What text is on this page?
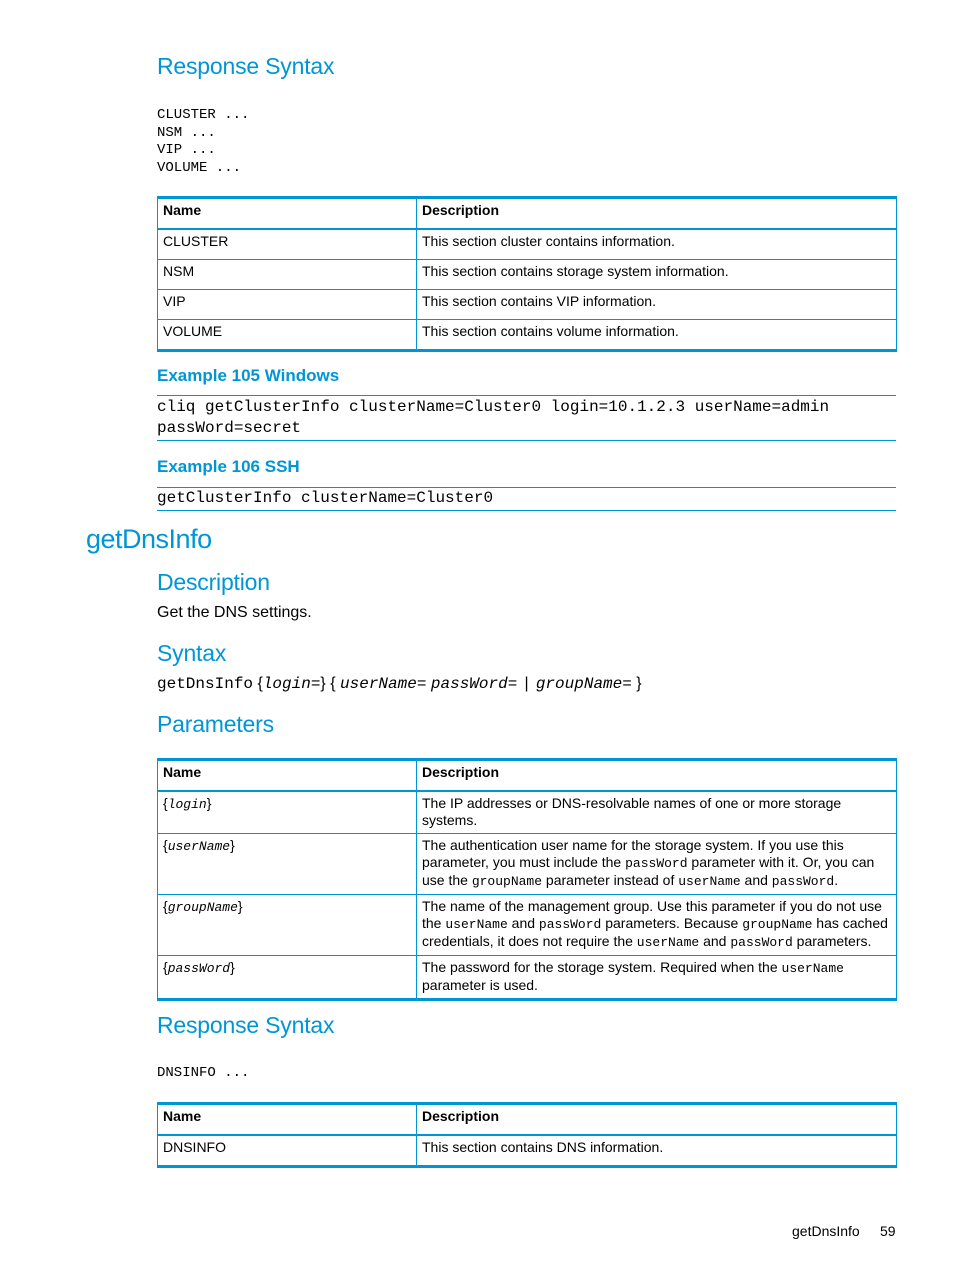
Response Syntax
CLUSTER ...
NSM ...
VIP ...
VOLUME ...
Name	Description
CLUSTER	This section cluster contains information.
NSM	This section contains storage system information.
VIP	This section contains VIP information.
VOLUME	This section contains volume information.
Example 105 Windows
cliq getClusterInfo clusterName=Cluster0 login=10.1.2.3 userName=admin
passWord=secret
Example 106 SSH
getClusterInfo clusterName=Cluster0
getDnsInfo
Description
Get the DNS settings.
Syntax
getDnsInfo {login=} { userName= passWord= | groupName= }
Parameters
Name	Description
{login}	The IP addresses or DNS-resolvable names of one or more storage systems.
{userName}	The authentication user name for the storage system. If you use this parameter, you must include the passWord parameter with it. Or, you can use the groupName parameter instead of userName and passWord.
{groupName}	The name of the management group. Use this parameter if you do not use the userName and passWord parameters. Because groupName has cached credentials, it does not require the userName and passWord parameters.
{passWord}	The password for the storage system. Required when the userName parameter is used.
Response Syntax
DNSINFO ...
Name	Description
DNSINFO	This section contains DNS information.
getDnsInfo 59
